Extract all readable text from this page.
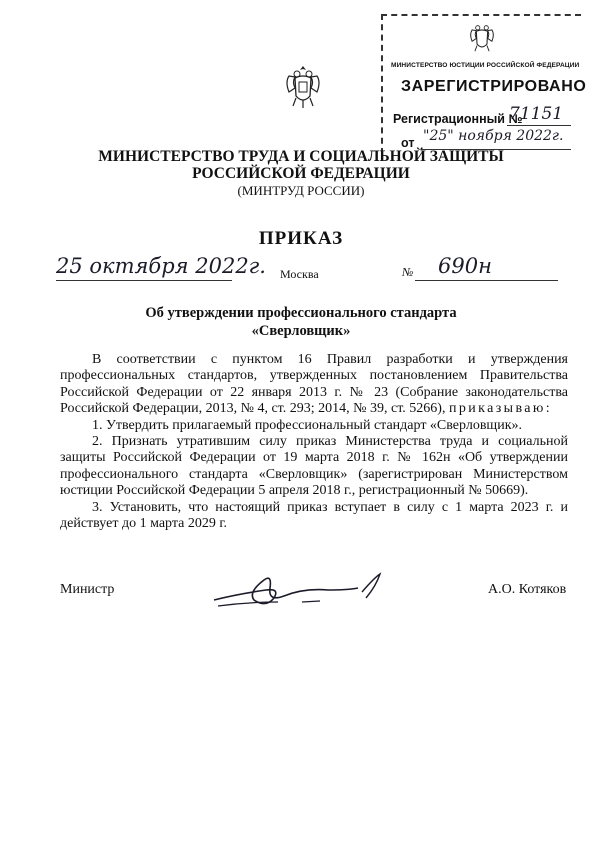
МИНИСТЕРСТВО ЮСТИЦИИ РОССИЙСКОЙ ФЕДЕРАЦИИ
ЗАРЕГИСТРИРОВАНО
Регистрационный №
71151
от "25" ноября 2022г.
МИНИСТЕРСТВО ТРУДА И СОЦИАЛЬНОЙ ЗАЩИТЫ
РОССИЙСКОЙ ФЕДЕРАЦИИ
(МИНТРУД РОССИИ)
ПРИКАЗ
25 октября 2022г. Москва	№ 690н
Об утверждении профессионального стандарта
«Сверловщик»

В соответствии с пунктом 16 Правил разработки и утверждения профессиональных стандартов, утвержденных постановлением Правительства Российской Федерации от 22 января 2013 г. № 23 (Собрание законодательства Российской Федерации, 2013, № 4, ст. 293; 2014, № 39, ст. 5266), приказываю:

1. Утвердить прилагаемый профессиональный стандарт «Сверловщик».

2. Признать утратившим силу приказ Министерства труда и социальной защиты Российской Федерации от 19 марта 2018 г. № 162н «Об утверждении профессионального стандарта «Сверловщик» (зарегистрирован Министерством юстиции Российской Федерации 5 апреля 2018 г., регистрационный № 50669).

3. Установить, что настоящий приказ вступает в силу с 1 марта 2023 г. и действует до 1 марта 2029 г.

Министр	А.О. Котяков
